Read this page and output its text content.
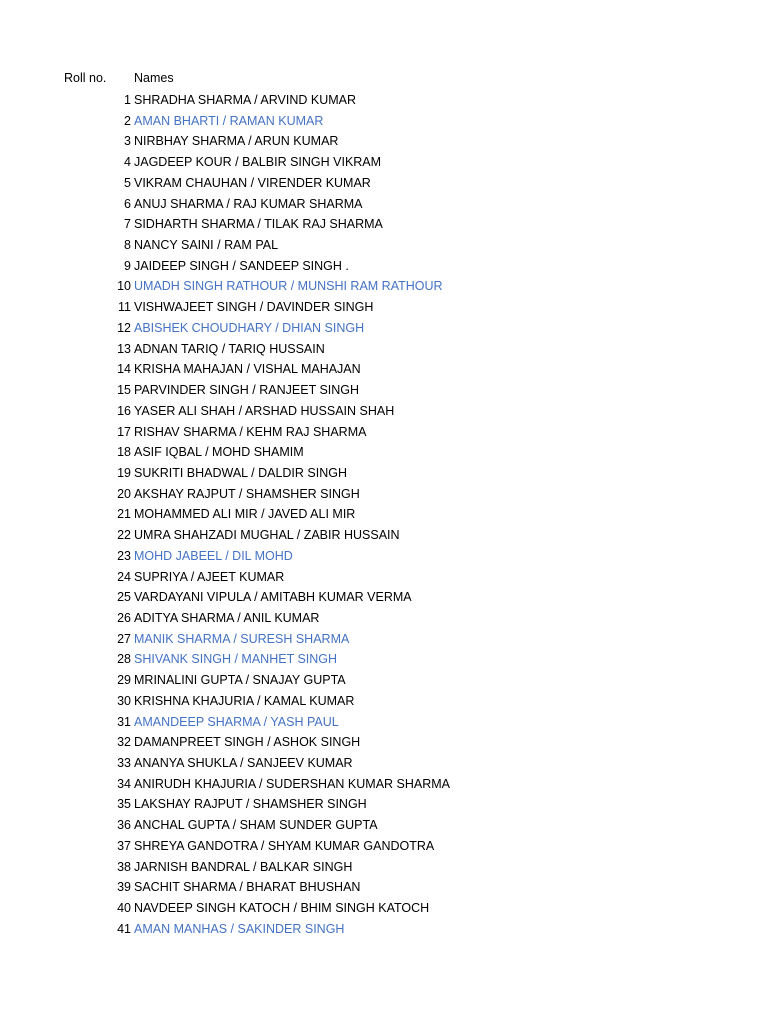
Roll no. Names
1 SHRADHA SHARMA / ARVIND KUMAR
2 AMAN BHARTI / RAMAN KUMAR
3 NIRBHAY SHARMA / ARUN KUMAR
4 JAGDEEP KOUR / BALBIR SINGH VIKRAM
5 VIKRAM CHAUHAN / VIRENDER KUMAR
6 ANUJ SHARMA / RAJ KUMAR SHARMA
7 SIDHARTH SHARMA / TILAK RAJ SHARMA
8 NANCY SAINI / RAM PAL
9 JAIDEEP SINGH / SANDEEP SINGH .
10 UMADH SINGH RATHOUR / MUNSHI RAM RATHOUR
11 VISHWAJEET SINGH / DAVINDER SINGH
12 ABISHEK CHOUDHARY / DHIAN SINGH
13 ADNAN TARIQ / TARIQ HUSSAIN
14 KRISHA MAHAJAN / VISHAL MAHAJAN
15 PARVINDER SINGH / RANJEET SINGH
16 YASER ALI SHAH / ARSHAD HUSSAIN SHAH
17 RISHAV SHARMA / KEHM RAJ SHARMA
18 ASIF IQBAL / MOHD SHAMIM
19 SUKRITI BHADWAL / DALDIR SINGH
20 AKSHAY RAJPUT / SHAMSHER SINGH
21 MOHAMMED ALI MIR / JAVED ALI MIR
22 UMRA SHAHZADI MUGHAL / ZABIR HUSSAIN
23 MOHD JABEEL / DIL MOHD
24 SUPRIYA / AJEET KUMAR
25 VARDAYANI VIPULA / AMITABH KUMAR VERMA
26 ADITYA SHARMA / ANIL KUMAR
27 MANIK SHARMA / SURESH SHARMA
28 SHIVANK SINGH / MANHET SINGH
29 MRINALINI GUPTA / SNAJAY GUPTA
30 KRISHNA KHAJURIA / KAMAL KUMAR
31 AMANDEEP SHARMA / YASH PAUL
32 DAMANPREET SINGH / ASHOK SINGH
33 ANANYA SHUKLA / SANJEEV KUMAR
34 ANIRUDH KHAJURIA / SUDERSHAN KUMAR SHARMA
35 LAKSHAY RAJPUT / SHAMSHER SINGH
36 ANCHAL GUPTA / SHAM SUNDER GUPTA
37 SHREYA GANDOTRA / SHYAM KUMAR GANDOTRA
38 JARNISH BANDRAL / BALKAR SINGH
39 SACHIT SHARMA / BHARAT BHUSHAN
40 NAVDEEP SINGH KATOCH / BHIM SINGH KATOCH
41 AMAN MANHAS / SAKINDER SINGH
